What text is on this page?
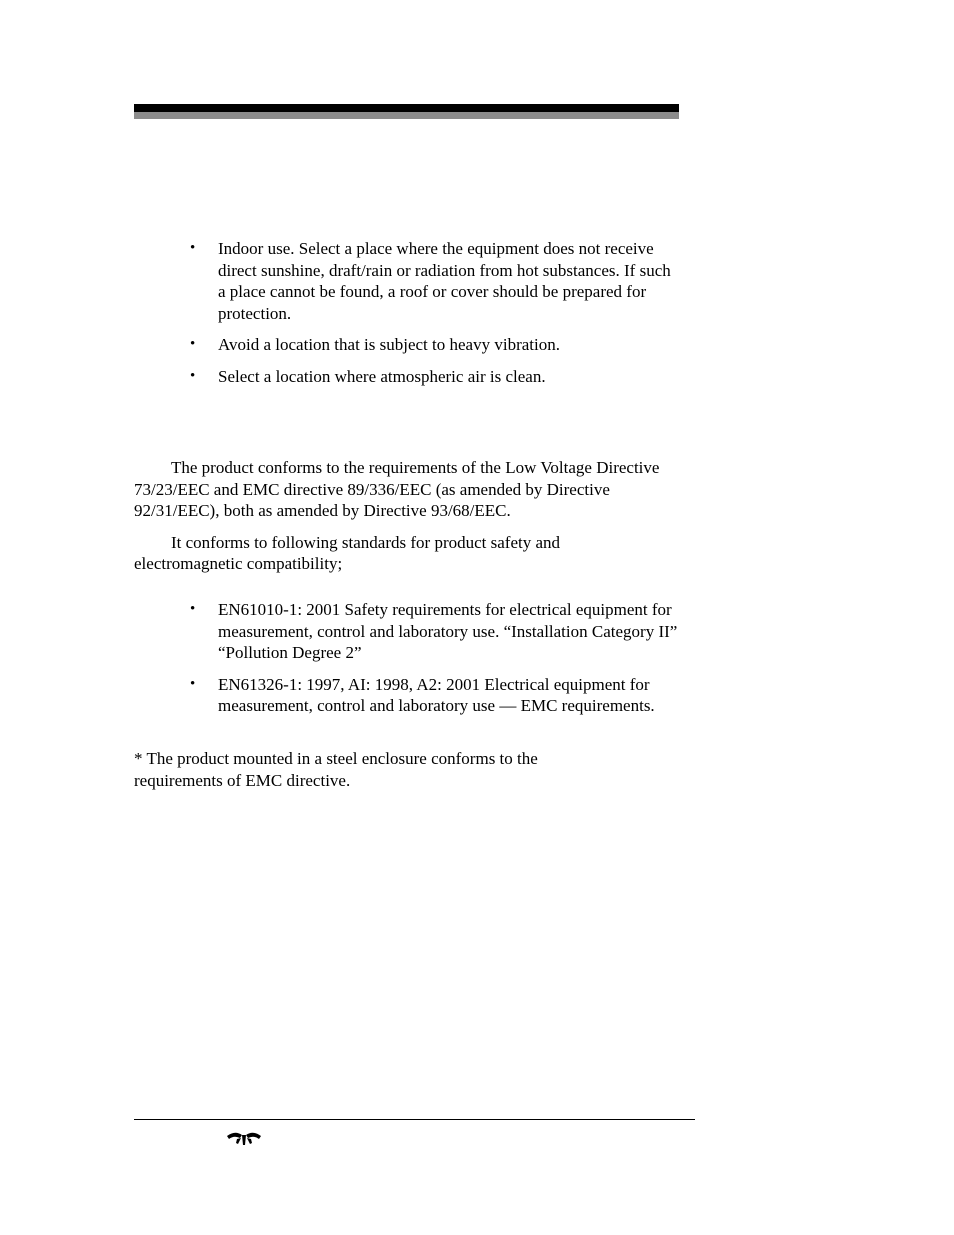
• Indoor use. Select a place where the equipment does not receive direct sunshine, draft/rain or radiation from hot substances. If such a place cannot be found, a roof or cover should be prepared for protection.
• Avoid a location that is subject to heavy vibration.
• Select a location where atmospheric air is clean.

The product conforms to the requirements of the Low Voltage Directive 73/23/EEC and EMC directive 89/336/EEC (as amended by Directive 92/31/EEC), both as amended by Directive 93/68/EEC.

It conforms to following standards for product safety and electromagnetic compatibility;

• EN61010-1: 2001 Safety requirements for electrical equipment for measurement, control and laboratory use. “Installation Category II” “Pollution Degree 2”
• EN61326-1: 1997, AI: 1998, A2: 2001 Electrical equipment for measurement, control and laboratory use — EMC requirements.

* The product mounted in a steel enclosure conforms to the requirements of EMC directive.
